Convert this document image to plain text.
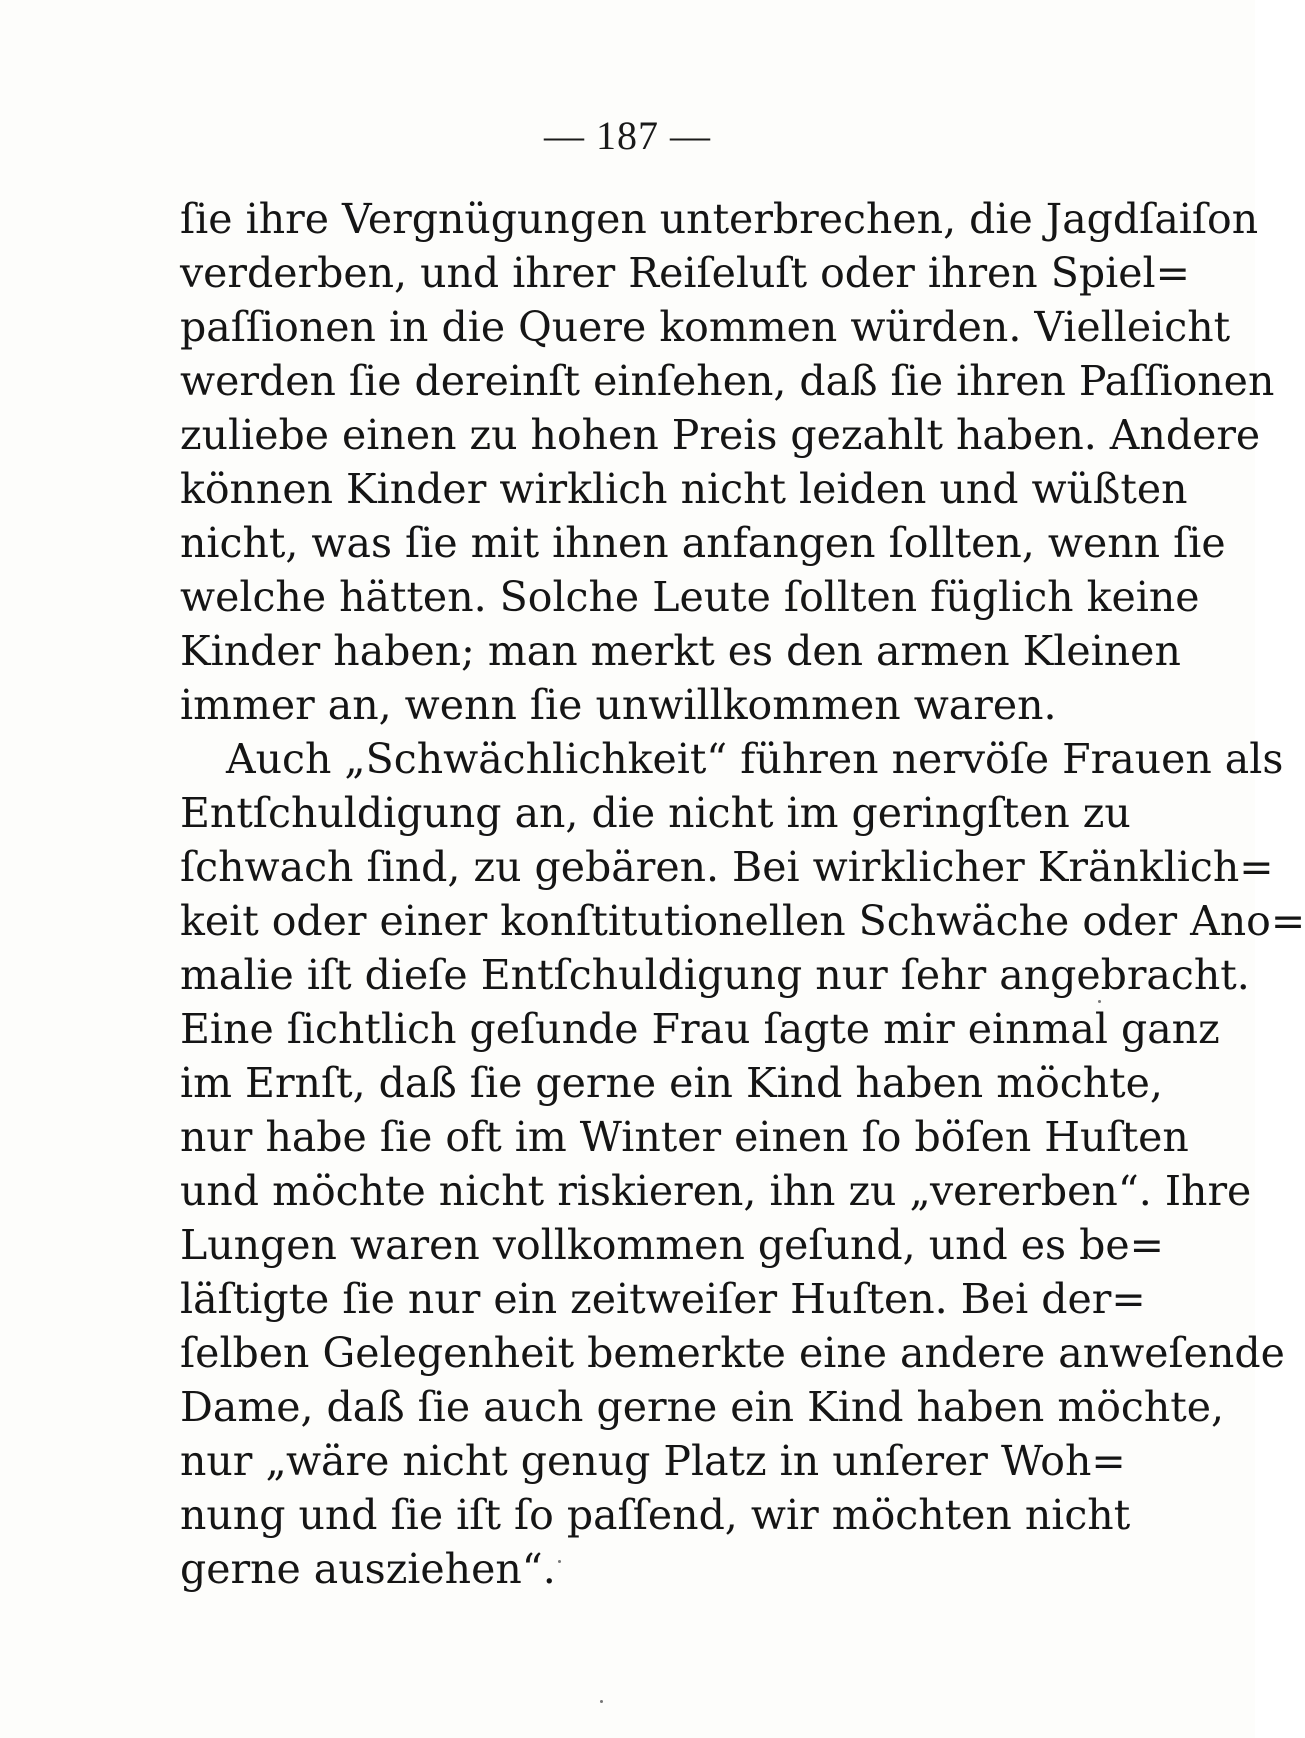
— 187 —
ſie ihre Vergnügungen unterbrechen, die Jagdſaiſon
verderben, und ihrer Reiſeluſt oder ihren Spiel=
paſſionen in die Quere kommen würden. Vielleicht
werden ſie dereinſt einſehen, daß ſie ihren Paſſionen
zuliebe einen zu hohen Preis gezahlt haben. Andere
können Kinder wirklich nicht leiden und wüßten
nicht, was ſie mit ihnen anfangen ſollten, wenn ſie
welche hätten. Solche Leute ſollten füglich keine
Kinder haben; man merkt es den armen Kleinen
immer an, wenn ſie unwillkommen waren.
Auch „Schwächlichkeit“ führen nervöſe Frauen als
Entſchuldigung an, die nicht im geringſten zu
ſchwach ſind, zu gebären. Bei wirklicher Kränklich=
keit oder einer konſtitutionellen Schwäche oder Ano=
malie iſt dieſe Entſchuldigung nur ſehr angebracht.
Eine ſichtlich geſunde Frau ſagte mir einmal ganz
im Ernſt, daß ſie gerne ein Kind haben möchte,
nur habe ſie oft im Winter einen ſo böſen Huſten
und möchte nicht riskieren, ihn zu „vererben“. Ihre
Lungen waren vollkommen geſund, und es be=
läſtigte ſie nur ein zeitweiſer Huſten. Bei der=
ſelben Gelegenheit bemerkte eine andere anweſende
Dame, daß ſie auch gerne ein Kind haben möchte,
nur „wäre nicht genug Platz in unſerer Woh=
nung und ſie iſt ſo paſſend, wir möchten nicht
gerne ausziehen“.
